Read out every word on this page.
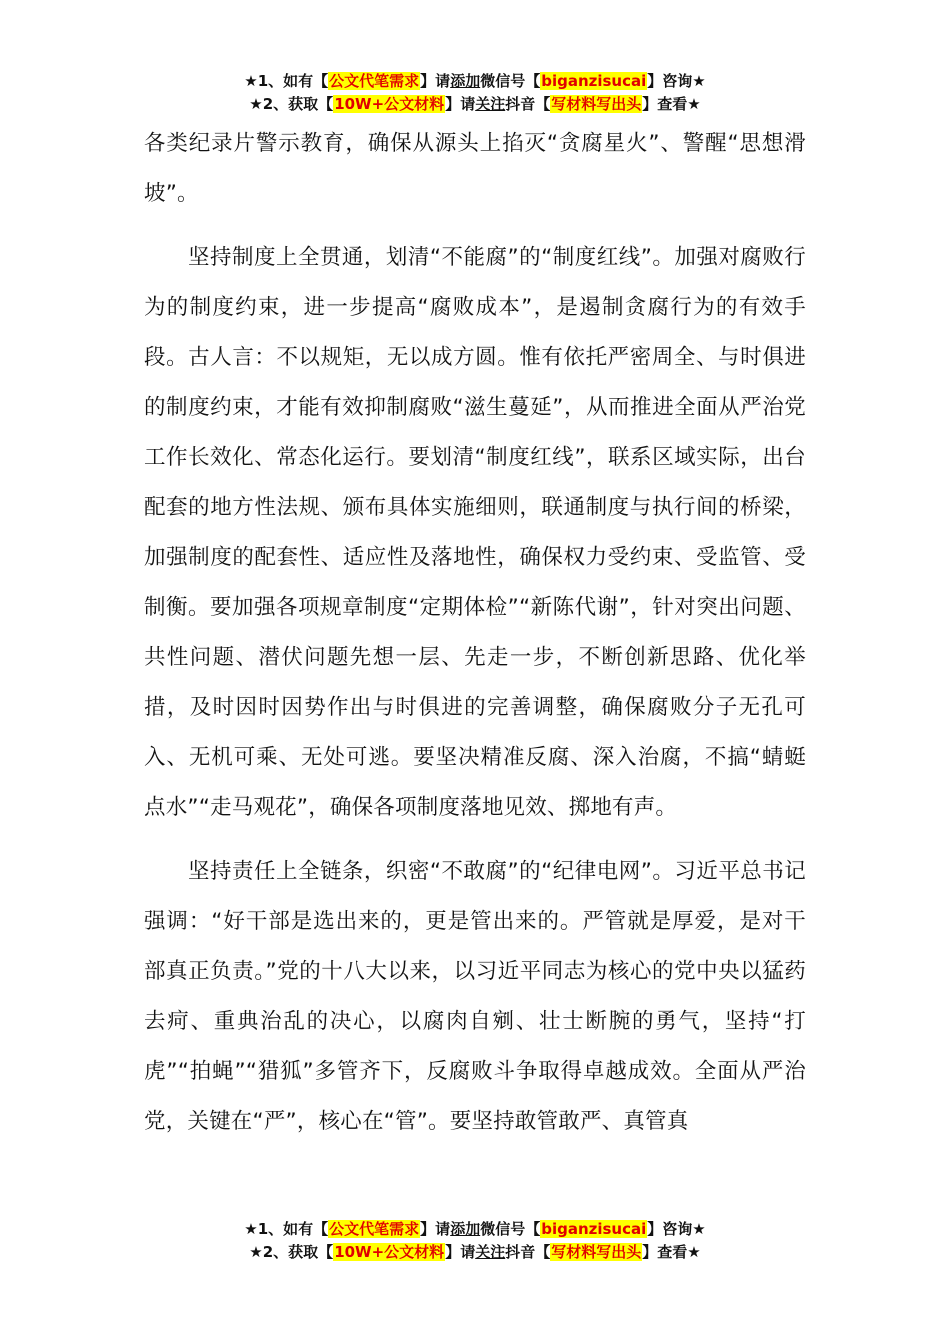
★1、如有【公文代笔需求】请添加微信号【biganzisucai】咨询★
★2、获取【10W+公文材料】请关注抖音【写材料写出头】查看★

各类纪录片警示教育，确保从源头上掐灭“贪腐星火”、警醒“思想滑坡”。

坚持制度上全贯通，划清“不能腐”的“制度红线”。加强对腐败行为的制度约束，进一步提高“腐败成本”，是遏制贪腐行为的有效手段。古人言：不以规矩，无以成方圆。惟有依托严密周全、与时俱进的制度约束，才能有效抑制腐败“滋生蔓延”，从而推进全面从严治党工作长效化、常态化运行。要划清“制度红线”，联系区域实际，出台配套的地方性法规、颁布具体实施细则，联通制度与执行间的桥梁，加强制度的配套性、适应性及落地性，确保权力受约束、受监管、受制衡。要加强各项规章制度“定期体检”“新陈代谢”，针对突出问题、共性问题、潜伏问题先想一层、先走一步，不断创新思路、优化举措，及时因时因势作出与时俱进的完善调整，确保腐败分子无孔可入、无机可乘、无处可逃。要坚决精准反腐、深入治腐，不搞“蜻蜓点水”“走马观花”，确保各项制度落地见效、掷地有声。

坚持责任上全链条，织密“不敢腐”的“纪律电网”。习近平总书记强调：“好干部是选出来的，更是管出来的。严管就是厚爱，是对干部真正负责。”党的十八大以来，以习近平同志为核心的党中央以猛药去疴、重典治乱的决心，以腐肉自剜、壮士断腕的勇气，坚持“打虎”“拍蝇”“猎狐”多管齐下，反腐败斗争取得卓越成效。全面从严治党，关键在“严”，核心在“管”。要坚持敢管敢严、真管真

★1、如有【公文代笔需求】请添加微信号【biganzisucai】咨询★
★2、获取【10W+公文材料】请关注抖音【写材料写出头】查看★
